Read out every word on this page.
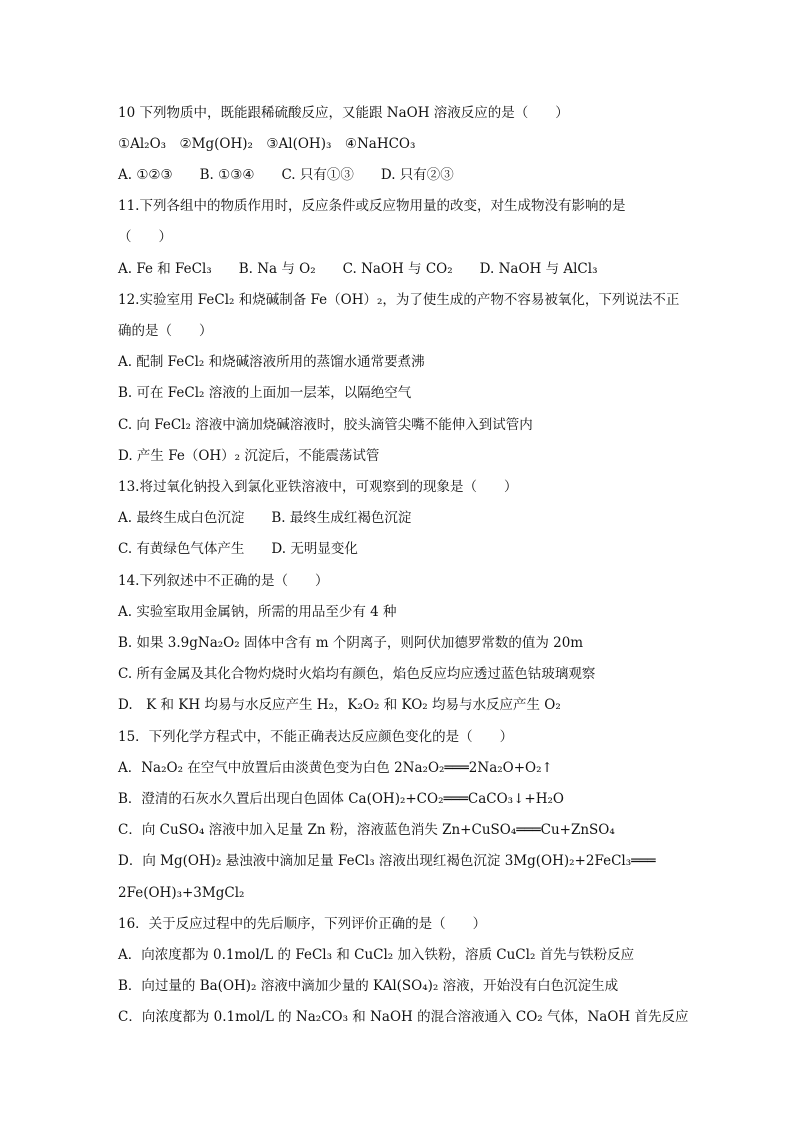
10 下列物质中，既能跟稀硫酸反应，又能跟 NaOH 溶液反应的是（　　）
①Al₂O₃　②Mg(OH)₂　③Al(OH)₃　④NaHCO₃
A. ①②③　　B. ①③④　　C. 只有①③　　D. 只有②③
11.下列各组中的物质作用时，反应条件或反应物用量的改变，对生成物没有影响的是
（　　）
A. Fe 和 FeCl₃　　B. Na 与 O₂　　C. NaOH 与 CO₂　　D. NaOH 与 AlCl₃
12.实验室用 FeCl₂ 和烧碱制备 Fe（OH）₂，为了使生成的产物不容易被氧化，下列说法不正
确的是（　　）
A. 配制 FeCl₂ 和烧碱溶液所用的蒸馏水通常要煮沸
B. 可在 FeCl₂ 溶液的上面加一层苯，以隔绝空气
C. 向 FeCl₂ 溶液中滴加烧碱溶液时，胶头滴管尖嘴不能伸入到试管内
D. 产生 Fe（OH）₂ 沉淀后，不能震荡试管
13.将过氧化钠投入到氯化亚铁溶液中，可观察到的现象是（　　）
A. 最终生成白色沉淀　　B. 最终生成红褐色沉淀
C. 有黄绿色气体产生　　D. 无明显变化
14.下列叙述中不正确的是（　　）
A. 实验室取用金属钠，所需的用品至少有 4 种
B. 如果 3.9gNa₂O₂ 固体中含有 m 个阴离子，则阿伏加德罗常数的值为 20m
C. 所有金属及其化合物灼烧时火焰均有颜色，焰色反应均应透过蓝色钴玻璃观察
D.　K 和 KH 均易与水反应产生 H₂，K₂O₂ 和 KO₂ 均易与水反应产生 O₂
15．下列化学方程式中，不能正确表达反应颜色变化的是（　　）
A．Na₂O₂ 在空气中放置后由淡黄色变为白色 2Na₂O₂═══2Na₂O+O₂↑
B．澄清的石灰水久置后出现白色固体 Ca(OH)₂+CO₂═══CaCO₃↓+H₂O
C．向 CuSO₄ 溶液中加入足量 Zn 粉，溶液蓝色消失 Zn+CuSO₄═══Cu+ZnSO₄
D．向 Mg(OH)₂ 悬浊液中滴加足量 FeCl₃ 溶液出现红褐色沉淀 3Mg(OH)₂+2FeCl₃═══
2Fe(OH)₃+3MgCl₂
16．关于反应过程中的先后顺序，下列评价正确的是（　　）
A．向浓度都为 0.1mol/L 的 FeCl₃ 和 CuCl₂ 加入铁粉，溶质 CuCl₂ 首先与铁粉反应
B．向过量的 Ba(OH)₂ 溶液中滴加少量的 KAl(SO₄)₂ 溶液，开始没有白色沉淀生成
C．向浓度都为 0.1mol/L 的 Na₂CO₃ 和 NaOH 的混合溶液通入 CO₂ 气体，NaOH 首先反应
